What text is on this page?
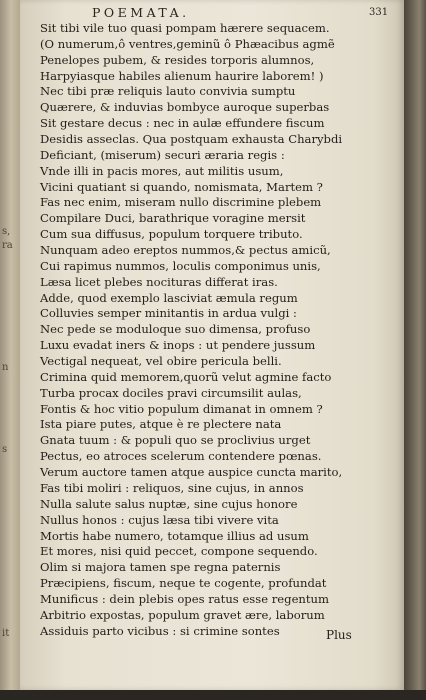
s,
ra
n
s
it
POEMATA.	331
Sit tibi vile tuo quasi pompam hærere sequacem.
(O numerum,ô ventres,geminũ ô Phæacibus agmẽ
Penelopes pubem, & resides torporis alumnos,
Harpyiasque habiles alienum haurire laborem! )
Nec tibi præ reliquis lauto convivia sumptu
Quærere, & induvias bombyce auroque superbas
Sit gestare decus : nec in aulæ effundere fiscum
Desidis asseclas. Qua postquam exhausta Charybdi
Deficiant, (miserum) securi æraria regis :
Vnde illi in pacis mores, aut militis usum,
Vicini quatiant si quando, nomismata, Martem ?
Fas nec enim, miseram nullo discrimine plebem
Compilare Duci, barathrique voragine mersit
Cum sua diffusus, populum torquere tributo.
Nunquam adeo ereptos nummos,& pectus amicũ,
Cui rapimus nummos, loculis componimus unis,
Læsa licet plebes nocituras differat iras.
Adde, quod exemplo lasciviat æmula regum
Colluvies semper minitantis in ardua vulgi :
Nec pede se moduloque suo dimensa, profuso
Luxu evadat iners & inops : ut pendere jussum
Vectigal nequeat, vel obire pericula belli.
Crimina quid memorem,quorũ velut agmine facto
Turba procax dociles pravi circumsilit aulas,
Fontis & hoc vitio populum dimanat in omnem ?
Ista piare putes, atque è re plectere nata
Gnata tuum : & populi quo se proclivius urget
Pectus, eo atroces scelerum contendere pœnas.
Verum auctore tamen atque auspice cuncta marito,
Fas tibi moliri : reliquos, sine cujus, in annos
Nulla salute salus nuptæ, sine cujus honore
Nullus honos : cujus læsa tibi vivere vita
Mortis habe numero, totamque illius ad usum
Et mores, nisi quid peccet, compone sequendo.
Olim si majora tamen spe regna paternis
Præcipiens, fiscum, neque te cogente, profundat
Munificus : dein plebis opes ratus esse regentum
Arbitrio expostas, populum gravet ære, laborum
Assiduis parto vicibus : si crimine sontes	Plus
